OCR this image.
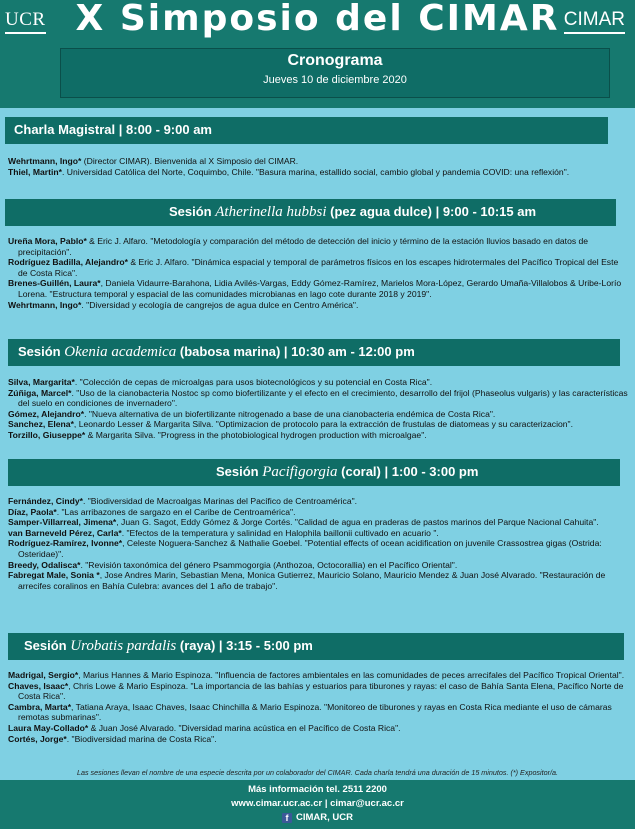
UCR X Simposio del CIMAR CIMAR
Cronograma
Jueves 10 de diciembre 2020
Charla Magistral | 8:00 - 9:00 am

Wehrtmann, Ingo* (Director CIMAR). Bienvenida al X Simposio del CIMAR.

Thiel, Martin*. Universidad Católica del Norte, Coquimbo, Chile. "Basura marina, estallido social, cambio global y pandemia COVID: una reflexión".

Sesión Atherinella hubbsi (pez agua dulce) | 9:00 - 10:15 am

Ureña Mora, Pablo* & Eric J. Alfaro. "Metodología y comparación del método de detección del inicio y término de la estación lluvios basado en datos de precipitación".

Rodríguez Badilla, Alejandro* & Eric J. Alfaro. "Dinámica espacial y temporal de parámetros físicos en los escapes hidrotermales del Pacífico Tropical del Este de Costa Rica".

Brenes-Guillén, Laura*, Daniela Vidaurre-Barahona, Lidia Avilés-Vargas, Eddy Gómez-Ramírez, Marielos Mora-López, Gerardo Umaña-Villalobos & Uribe-Lorío Lorena. "Estructura temporal y espacial de las comunidades microbianas en lago cote durante 2018 y 2019".

Wehrtmann, Ingo*. "Diversidad y ecología de cangrejos de agua dulce en Centro América".

Sesión Okenia academica (babosa marina) | 10:30 am - 12:00 pm

Silva, Margarita*. "Colección de cepas de microalgas para usos biotecnológicos y su potencial en Costa Rica".

Zúñiga, Marcel*. "Uso de la cianobacteria Nostoc sp como biofertilizante y el efecto en el crecimiento, desarrollo del frijol (Phaseolus vulgaris) y las características del suelo en condiciones de invernadero".

Gómez, Alejandro*. "Nueva alternativa de un biofertilizante nitrogenado a base de una cianobacteria endémica de Costa Rica".

Sanchez, Elena*, Leonardo Lesser & Margarita Silva. "Optimizacion de protocolo para la extracción de frustulas de diatomeas y su caracterizacion".

Torzillo, Giuseppe* & Margarita Silva. "Progress in the photobiological hydrogen production with microalgae".

Sesión Pacifigorgia (coral) | 1:00 - 3:00 pm

Fernández, Cindy*. "Biodiversidad de Macroalgas Marinas del Pacífico de Centroamérica".

Díaz, Paola*. "Las arribazones de sargazo en el Caribe de Centroamérica".

Samper-Villarreal, Jimena*, Juan G. Sagot, Eddy Gómez & Jorge Cortés. "Calidad de agua en praderas de pastos marinos del Parque Nacional Cahuita".

van Barneveld Pérez, Carla*. "Efectos de la temperatura y salinidad en Halophila baillonii cultivado en acuario ".

Rodríguez-Ramírez, Ivonne*, Celeste Noguera-Sanchez & Nathalie Goebel. "Potential effects of ocean acidification on juvenile Crassostrea gigas (Ostrida: Osteridae)".

Breedy, Odalisca*. "Revisión taxonómica del género Psammogorgia (Anthozoa, Octocorallia) en el Pacífico Oriental".

Fabregat Male, Sonia *, Jose Andres Marin, Sebastian Mena, Monica Gutierrez, Mauricio Solano, Mauricio Mendez & Juan José Alvarado. "Restauración de arrecifes coralinos en Bahía Culebra: avances del 1 año de trabajo".

Sesión Urobatis pardalis (raya) | 3:15 - 5:00 pm

Madrigal, Sergio*, Marius Hannes & Mario Espinoza. "Influencia de factores ambientales en las comunidades de peces arrecifales del Pacífico Tropical Oriental".

Chaves, Isaac*, Chris Lowe & Mario Espinoza. "La importancia de las bahías y estuarios para tiburones y rayas: el caso de Bahía Santa Elena, Pacífico Norte de Costa Rica".

Cambra, Marta*, Tatiana Araya, Isaac Chaves, Isaac Chinchilla & Mario Espinoza. "Monitoreo de tiburones y rayas en Costa Rica mediante el uso de cámaras remotas submarinas".

Laura May-Collado* & Juan José Alvarado. "Diversidad marina acústica en el Pacífico de Costa Rica".

Cortés, Jorge*. "Biodiversidad marina de Costa Rica".

Las sesiones llevan el nombre de una especie descrita por un colaborador del CIMAR. Cada charla tendrá una duración de 15 minutos. (*) Expositor/a.
Más información tel. 2511 2200
www.cimar.ucr.ac.cr | cimar@ucr.ac.cr
f CIMAR, UCR
